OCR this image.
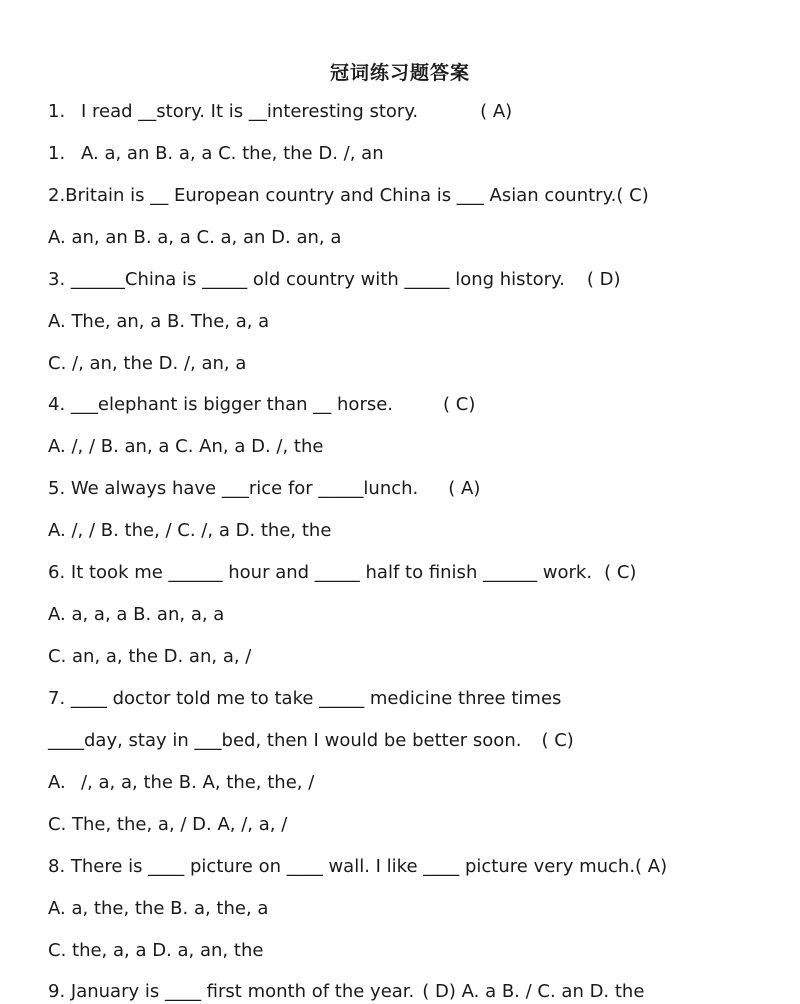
冠词练习题答案
1. I read __story. It is __interesting story.	( A)
1. A. a, an B. a, a C. the, the D. /, an
2.Britain is __ European country and China is ___ Asian country.( C)
A. an, an B. a, a C. a, an D. an, a
3. ______China is _____ old country with _____ long history. ( D)
A. The, an, a B. The, a, a
C. /, an, the D. /, an, a
4. ___elephant is bigger than __ horse.	( C)
A. /, / B. an, a C. An, a D. /, the
5. We always have ___rice for _____lunch. ( A)
A. /, / B. the, / C. /, a D. the, the
6. It took me ______ hour and _____ half to finish ______ work. ( C)
A. a, a, a B. an, a, a
C. an, a, the D. an, a, /
7. ____ doctor told me to take _____ medicine three times
____day, stay in ___bed, then I would be better soon. ( C)
A. /, a, a, the B. A, the, the, /
C. The, the, a, / D. A, /, a, /
8. There is ____ picture on ____ wall. I like ____ picture very much.( A)
A. a, the, the B. a, the, a
C. the, a, a D. a, an, the
9. January is ____ first month of the year. ( D) A. a B. / C. an D. the
